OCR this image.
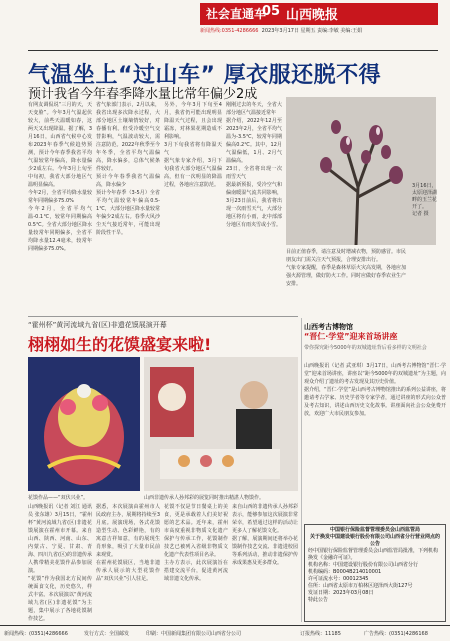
社会直通车
05 山西晚报
新闻热线:0351-4286666 2023年3月17日 星期五 责编:李敏 美编:王娟
气温坐上“过山车” 厚衣服还脱不得
预计我省今年春季降水量比常年偏少2成
有网友调侃说“三月的天，天天变脸”。今年3月气温起伏较大，前些天温暖如春，这两天又出现降温。据了解，3月16日，山西省气候中心发布2023年春季气候趋势预测，预计今年春季我省平均气温较常年偏高，降水量偏少2成左右。今年3月上旬至中旬初，我省大部分地区气温明显偏高。
今年2月，全省平均降水量较常年同期偏多75.0%
今年2月，全省平均气温-0.1℃，较常年同期偏高0.5℃。全省大部分地区降水量较常年同期偏多，全省平均降水量12.4毫米，较常年同期偏多75.0%。
省气象部门表示，2月以来，我省出现多次降水过程，大部分地区土壤墒情较好，对春播有利。但受冷暖空气交替影响，气温波动较大，需注意防范。2022年秋季至今年冬季，全省平均气温偏高，降水偏多，总体气候条件较好。
预计今年春季我省气温偏高，降水偏少
预计今年春季（3-5月）全省平均气温较常年偏高0.5-1℃，大部分地区降水量较常年偏少2成左右。春季大风沙尘天气接近常年，可能出现阶段性干旱。
另外，今年3月下旬至4月，我省仍可能出现明显降温天气过程，且会出现霜冻，对林果花期造成不利影响。
3月下旬我省将有降温天气
据气象专家介绍，3月下旬我省大部分地区气温偏高，但有一次明显的降温过程，各地应注意防范。
刚刚过去的冬天，全省大部分地区气温接近常年
据介绍，2022年12月至2023年2月，全省平均气温为-3.5℃，较常年同期偏高0.2℃。其中，12月气温偏低，1月、2月气温偏高。
23日，全省将出现一次雨雪天气
据最新预报，受冷空气和偏南暖湿气流共同影响，3月23日前后，我省将出现一次雨雪天气，大部分地区将有小雨，北中部部分地区有雨夹雪或小雪。
目前正值春季，请注意及时增减衣物，预防感冒。市民朋友出门需关注天气预报，合理安排出行。
气象专家提醒，春季是森林草原火灾高发期，各地应加强火源管理，做好防火工作。同时应做好春季农业生产安排。
3月16日，太原迎泽湖畔的玉兰花开了。
记者 摄
“霍州杯”黄河流域九省(区)非遗花馍展演开幕
栩栩如生的花馍盛宴来啦!
花馍作品——“双伏兴业”。	山西非遗传承人孙邦彩的展览同时推出精湛人物馍作。
山西晚报讯（记者 刘江 通讯员 张东雄）3月15日，“霍州杯”黄河流域九省(区)非遗花馍展演在霍州市开幕。来自山西、陕西、河南、山东、内蒙古、宁夏、甘肃、青海、四川九省(区)的非遗传承人携带精美花馍作品参加展演。
“花馍”作为我国北方民间传统面食文化，历史悠久，样式丰富。本次展演以“黄河流域九省(区)非遗花馍”为主题，集中展示了各地花馍制作技艺。
据悉，本次展演由霍州市人民政府主办，展期将持续至3月底。展演现场，各式花馍造型生动、色彩鲜艳，有的寓意吉祥如意，有的展现生肖形象，吸引了大量市民前来观赏。
在霍州花馍展区，当地非遗传承人展示的大型花馍作品“双伏兴业”引人驻足。
花馍不仅是节日餐桌上的美食，更是承载着人们美好祝愿的艺术品。近年来，霍州市高度重视非物质文化遗产保护与传承工作，花馍制作技艺已被列入省级非物质文化遗产代表性项目名录。
主办方表示，此次展演旨在搭建交流平台，促进黄河流域非遗文化传承。
来自山西的非遗传承人孙邦彩表示，能够参加这次展演非常荣幸，希望通过这样的活动让更多人了解花馍文化。
据了解，展演期间还将举办花馍制作技艺交流、非遗进校园等系列活动，推动非遗保护传承成果惠及更多群众。
山西考古博物馆
“晋仁·学堂”迎来首场讲座
带你探究距今5000年的双城遗址背后看多样的文明社会
山西晚报讯（记者 武亚琪）3月17日，山西考古博物馆“晋仁·学堂”迎来首场讲座，讲座以“距今5000年的双城遗址”为主题，向观众介绍了遗址的考古发现及其历史价值。
据介绍，“晋仁·学堂”是山西考古博物馆推出的系列公益讲座，将邀请考古学家、历史学者等专家学者，通过讲座的形式向公众普及考古知识，讲述山西历史文化故事。讲座面向社会公众免费开放，欢迎广大市民朋友参加。
中国银行保险监督管理委员会山西监管局
关于换发中国建设银行股份有限公司山西省分行营业网点的公告
经中国银行保险监督管理委员会山西监管局批准，下列机构换发《金融许可证》。
机构名称：中国建设银行股份有限公司山西省分行
机构编码：B0004B214010001
许可证流水号：00012345
住所：山西省太原市万柏林区迎泽西大街127号
发证日期：2023年03月08日
特此公告
新闻热线：(0351)4286666	发行方式：全国邮发	印刷：中国新闻集团有限公司山西省分公司	订报热线：11185	广告热线：(0351)4286168
